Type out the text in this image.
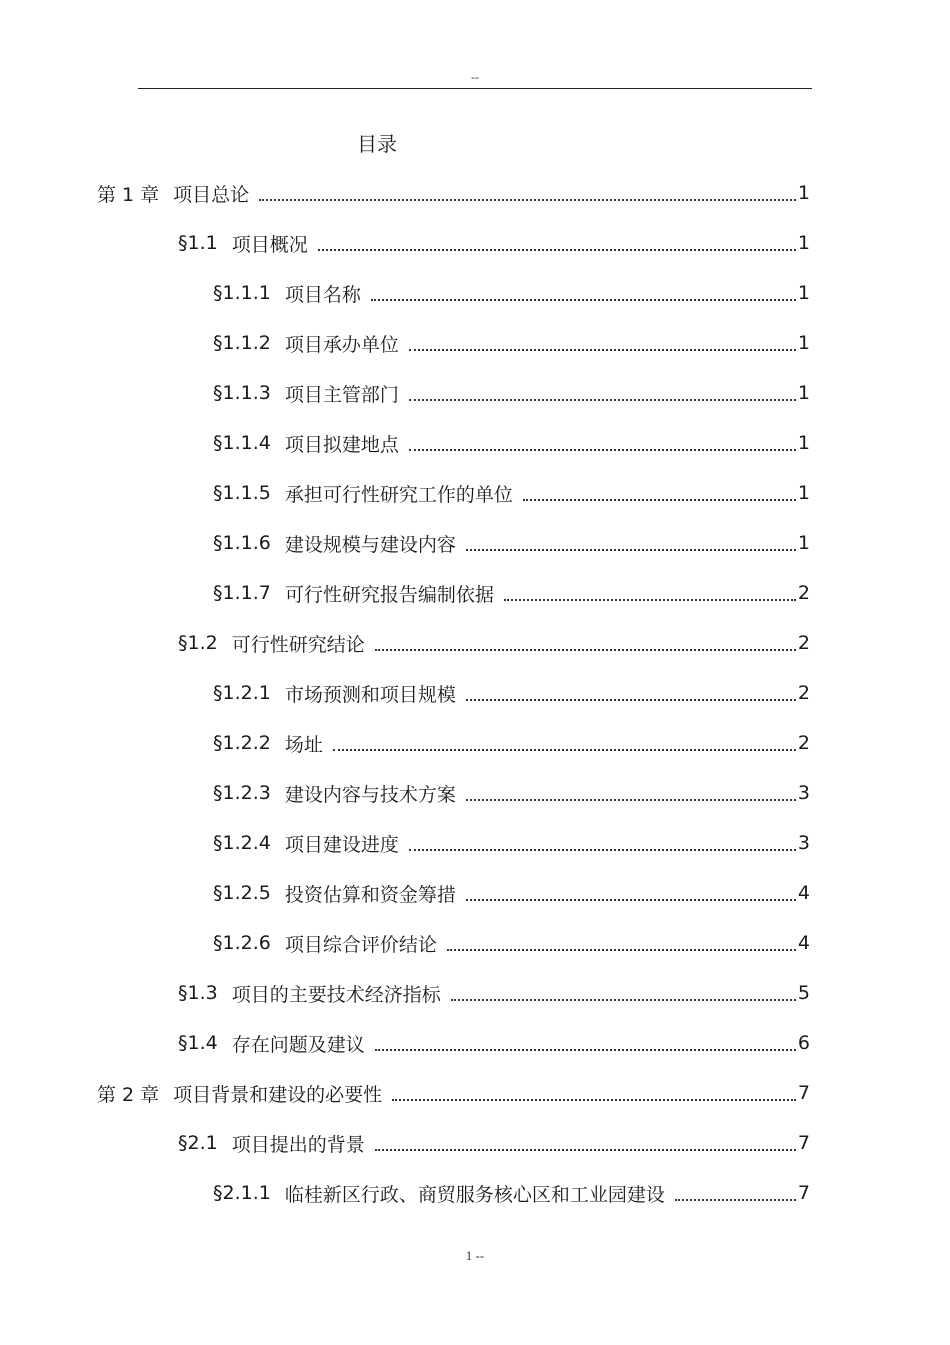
--
目录
第 1 章 项目总论	1
§1.1 项目概况	1
§1.1.1 项目名称	1
§1.1.2 项目承办单位	1
§1.1.3 项目主管部门	1
§1.1.4 项目拟建地点	1
§1.1.5 承担可行性研究工作的单位	1
§1.1.6 建设规模与建设内容	1
§1.1.7 可行性研究报告编制依据	2
§1.2 可行性研究结论	2
§1.2.1 市场预测和项目规模	2
§1.2.2 场址	2
§1.2.3 建设内容与技术方案	3
§1.2.4 项目建设进度	3
§1.2.5 投资估算和资金筹措	4
§1.2.6 项目综合评价结论	4
§1.3 项目的主要技术经济指标	5
§1.4 存在问题及建议	6
第 2 章 项目背景和建设的必要性	7
§2.1 项目提出的背景	7
§2.1.1 临桂新区行政、商贸服务核心区和工业园建设	7
1 --
